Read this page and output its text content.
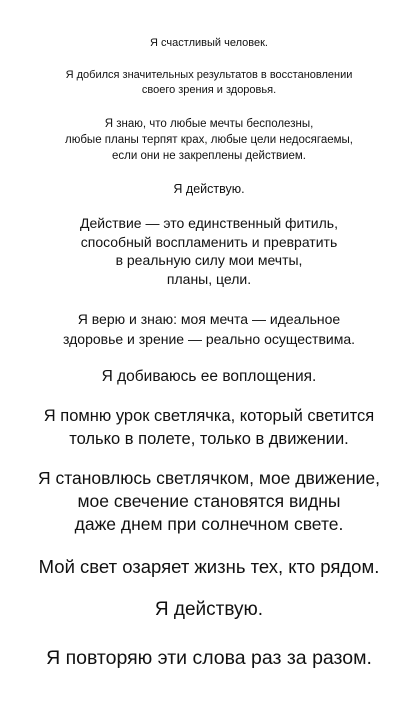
Я счастливый человек.
Я добился значительных результатов в восстановлении
своего зрения и здоровья.
Я знаю, что любые мечты бесполезны,
любые планы терпят крах, любые цели недосягаемы,
если они не закреплены действием.
Я действую.
Действие — это единственный фитиль,
способный воспламенить и превратить
в реальную силу мои мечты,
планы, цели.
Я верю и знаю: моя мечта — идеальное
здоровье и зрение — реально осуществима.
Я добиваюсь ее воплощения.
Я помню урок светлячка, который светится
только в полете, только в движении.
Я становлюсь светлячком, мое движение,
мое свечение становятся видны
даже днем при солнечном свете.
Мой свет озаряет жизнь тех, кто рядом.
Я действую.
Я повторяю эти слова раз за разом.
